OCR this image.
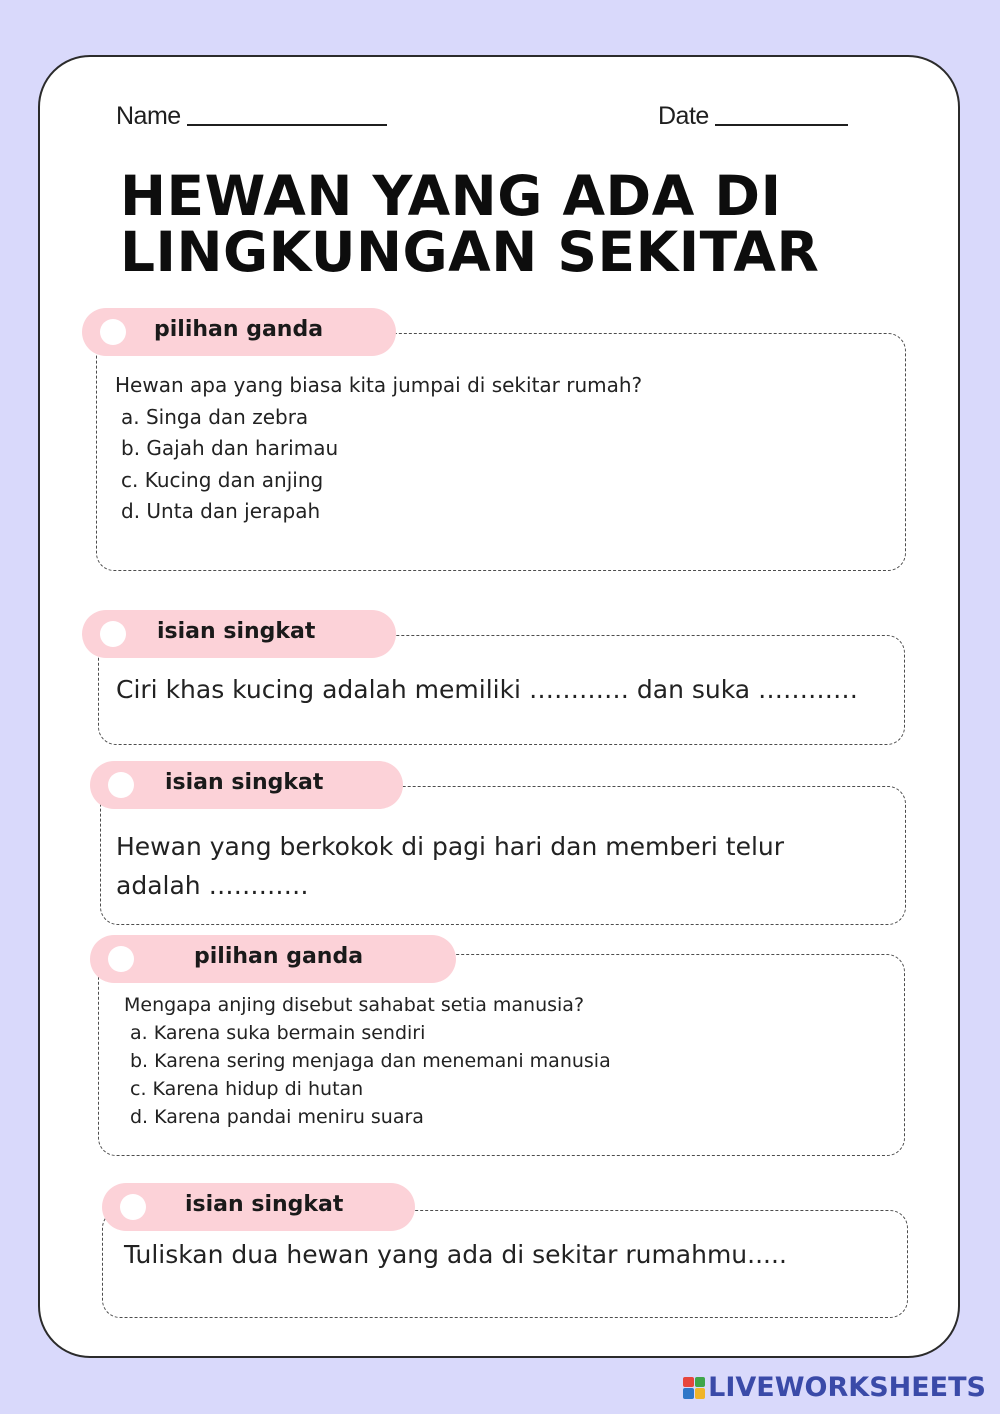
Name	Date
HEWAN YANG ADA DI
LINGKUNGAN SEKITAR
Hewan apa yang biasa kita jumpai di sekitar rumah?
a. Singa dan zebra
b. Gajah dan harimau
c. Kucing dan anjing
d. Unta dan jerapah
pilihan ganda
Ciri khas kucing adalah memiliki ………… dan suka …………
isian singkat
Hewan yang berkokok di pagi hari dan memberi telur
adalah …………
isian singkat
Mengapa anjing disebut sahabat setia manusia?
a. Karena suka bermain sendiri
b. Karena sering menjaga dan menemani manusia
c. Karena hidup di hutan
d. Karena pandai meniru suara
pilihan ganda
Tuliskan dua hewan yang ada di sekitar rumahmu.....
isian singkat
LIVEWORKSHEETS
